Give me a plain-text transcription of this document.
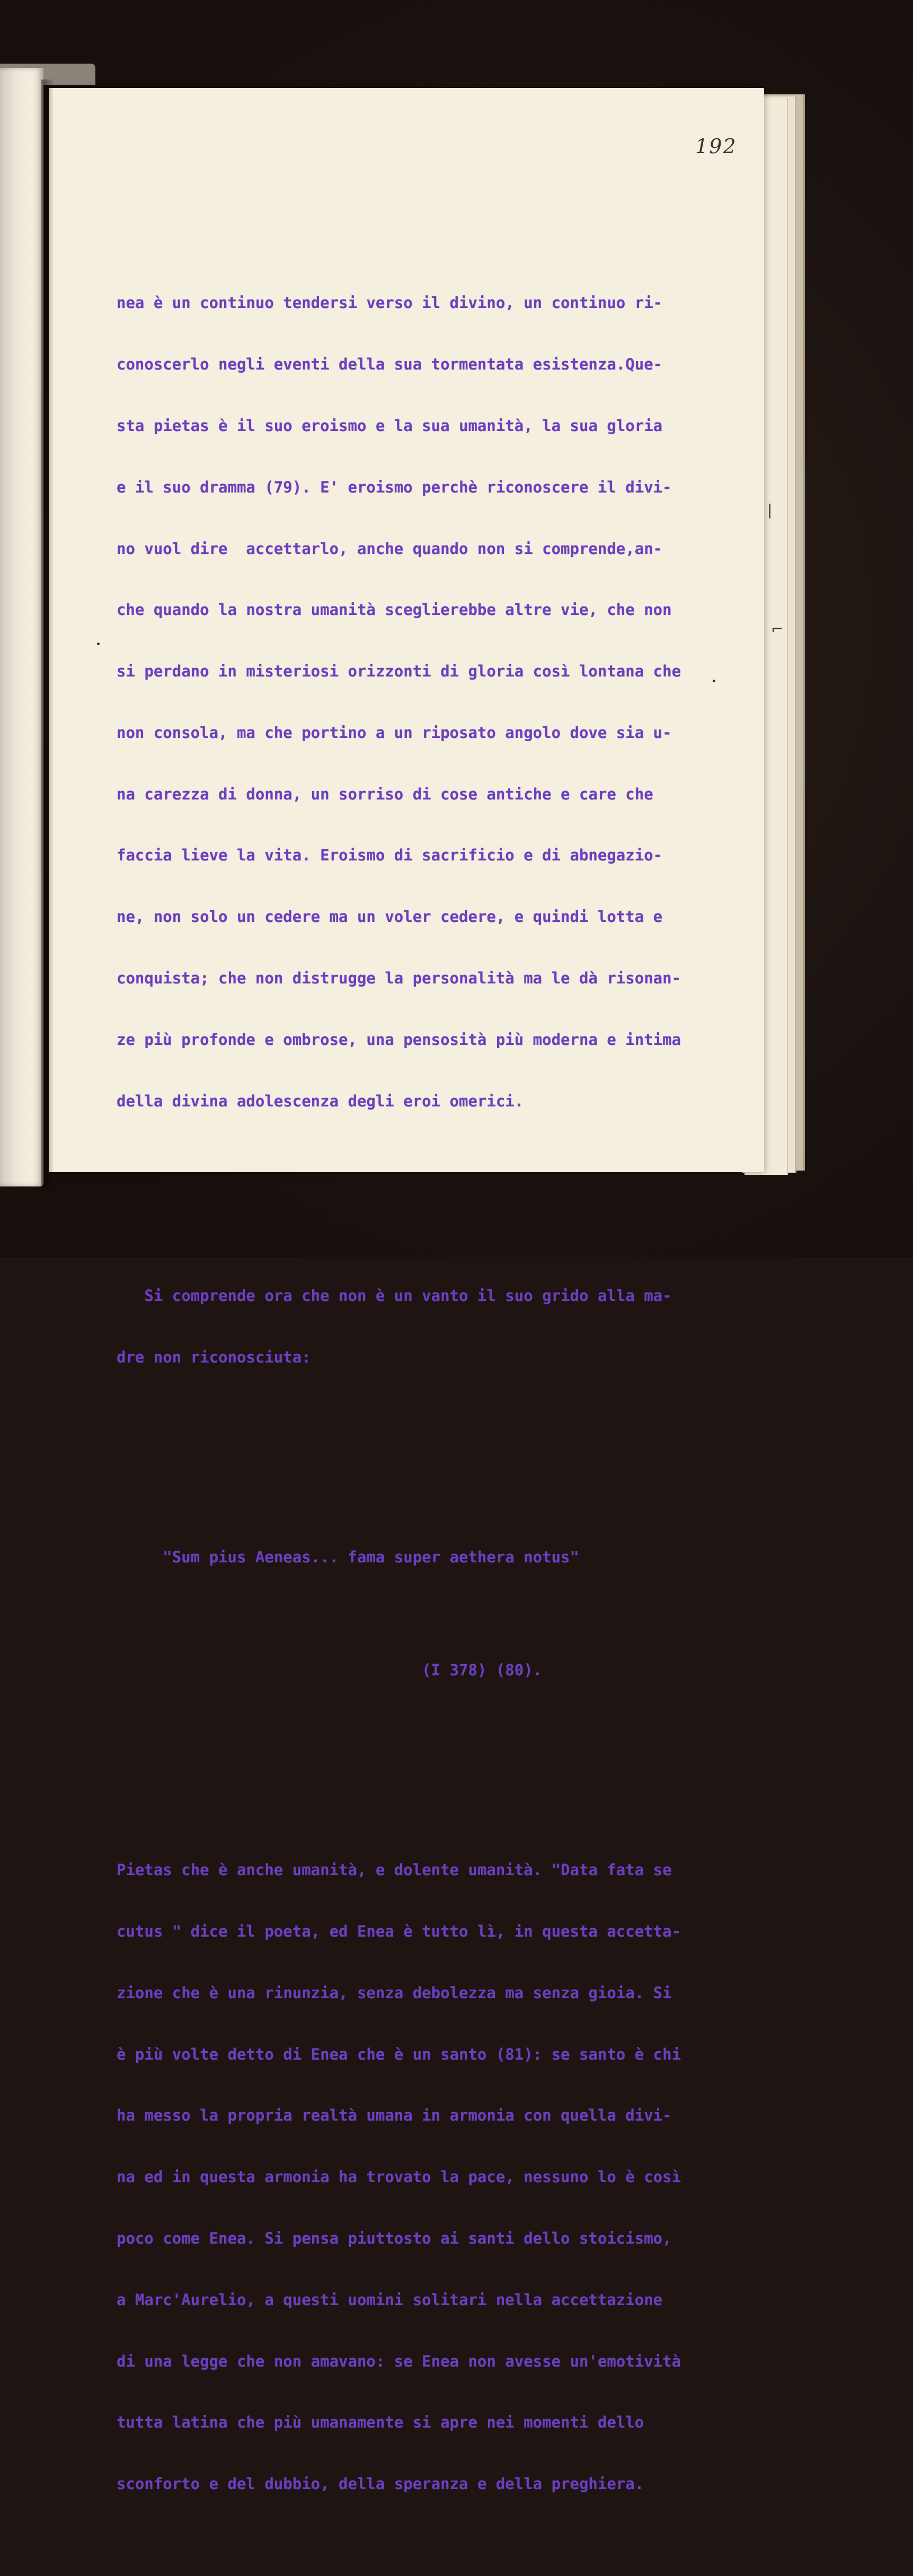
192

nea è un continuo tendersi verso il divino, un continuo ri-

conoscerlo negli eventi della sua tormentata esistenza.Que-

sta pietas è il suo eroismo e la sua umanità, la sua gloria

e il suo dramma (79). E' eroismo perchè riconoscere il divi-

no vuol dire  accettarlo, anche quando non si comprende,an-

che quando la nostra umanità sceglierebbe altre vie, che non

si perdano in misteriosi orizzonti di gloria così lontana che

non consola, ma che portino a un riposato angolo dove sia u-

na carezza di donna, un sorriso di cose antiche e care che

faccia lieve la vita. Eroismo di sacrificio e di abnegazio-

ne, non solo un cedere ma un voler cedere, e quindi lotta e

conquista; che non distrugge la personalità ma le dà risonan-

ze più profonde e ombrose, una pensosità più moderna e intima

della divina adolescenza degli eroi omerici.

Si comprende ora che non è un vanto il suo grido alla ma-

dre non riconosciuta:

"Sum pius Aeneas... fama super aethera notus"

(I 378) (80).

Pietas che è anche umanità, e dolente umanità. "Data fata se

cutus " dice il poeta, ed Enea è tutto lì, in questa accetta-

zione che è una rinunzia, senza debolezza ma senza gioia. Si

è più volte detto di Enea che è un santo (81): se santo è chi

ha messo la propria realtà umana in armonia con quella divi-

na ed in questa armonia ha trovato la pace, nessuno lo è così

poco come Enea. Si pensa piuttosto ai santi dello stoicismo,

a Marc'Aurelio, a questi uomini solitari nella accettazione

di una legge che non amavano: se Enea non avesse un'emotività

tutta latina che più umanamente si apre nei momenti dello

sconforto e del dubbio, della speranza e della preghiera.

|
⌐
